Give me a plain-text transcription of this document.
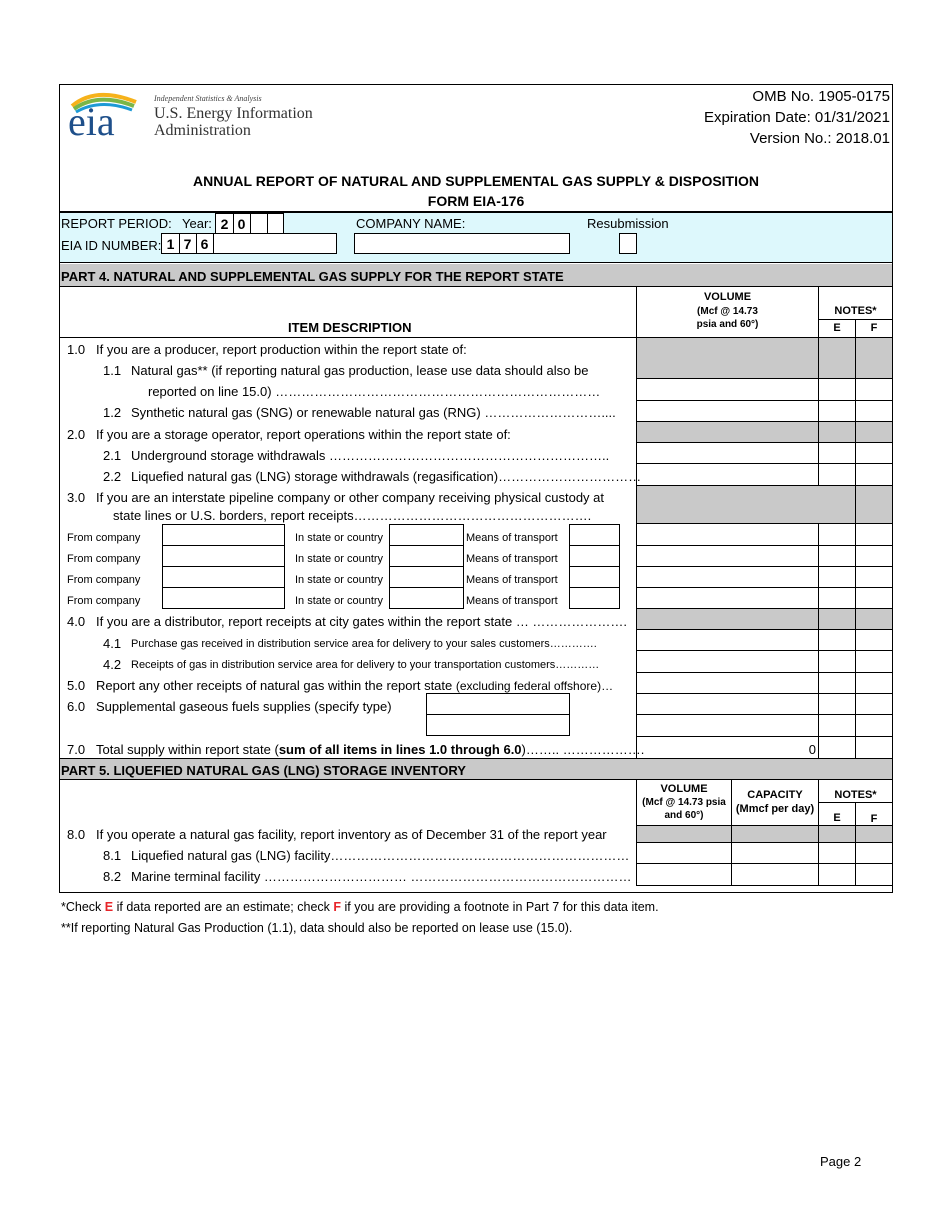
eia
Independent Statistics & Analysis
U.S. Energy Information
Administration
OMB No. 1905-0175
Expiration Date: 01/31/2021
Version No.: 2018.01
ANNUAL REPORT OF NATURAL AND SUPPLEMENTAL GAS SUPPLY & DISPOSITION
FORM EIA-176
REPORT PERIOD: Year: 2 0	COMPANY NAME:	Resubmission
EIA ID NUMBER: 1 7 6
PART 4. NATURAL AND SUPPLEMENTAL GAS SUPPLY FOR THE REPORT STATE
VOLUME
(Mcf @ 14.73
psia and 60°)
NOTES*
E	F
ITEM DESCRIPTION
1.0 If you are a producer, report production within the report state of:
1.1 Natural gas** (if reporting natural gas production, lease use data should also be
reported on line 15.0) …………………………………………………………………
1.2 Synthetic natural gas (SNG) or renewable natural gas (RNG) ………………………....
2.0 If you are a storage operator, report operations within the report state of:
2.1 Underground storage withdrawals ………………………………………………………..
2.2 Liquefied natural gas (LNG) storage withdrawals (regasification)……………………………
3.0 If you are an interstate pipeline company or other company receiving physical custody at
state lines or U.S. borders, report receipts……………………………………………….
From company	In state or country	Means of transport
From company	In state or country	Means of transport
From company	In state or country	Means of transport
From company	In state or country	Means of transport
4.0 If you are a distributor, report receipts at city gates within the report state … ………………….
4.1 Purchase gas received in distribution service area for delivery to your sales customers………….
4.2 Receipts of gas in distribution service area for delivery to your transportation customers…………
5.0 Report any other receipts of natural gas within the report state (excluding federal offshore)…
6.0 Supplemental gaseous fuels supplies (specify type)
7.0 Total supply within report state (sum of all items in lines 1.0 through 6.0)…….. ……………….	0
PART 5. LIQUEFIED NATURAL GAS (LNG) STORAGE INVENTORY
VOLUME
(Mcf @ 14.73 psia
and 60°)
CAPACITY
(Mmcf per day)
NOTES*
E	F
8.0 If you operate a natural gas facility, report inventory as of December 31 of the report year
8.1 Liquefied natural gas (LNG) facility……………………………………………………………
8.2 Marine terminal facility …………………………… ……………………………………………
*Check E if data reported are an estimate; check F if you are providing a footnote in Part 7 for this data item.
**If reporting Natural Gas Production (1.1), data should also be reported on lease use (15.0).
Page 2
